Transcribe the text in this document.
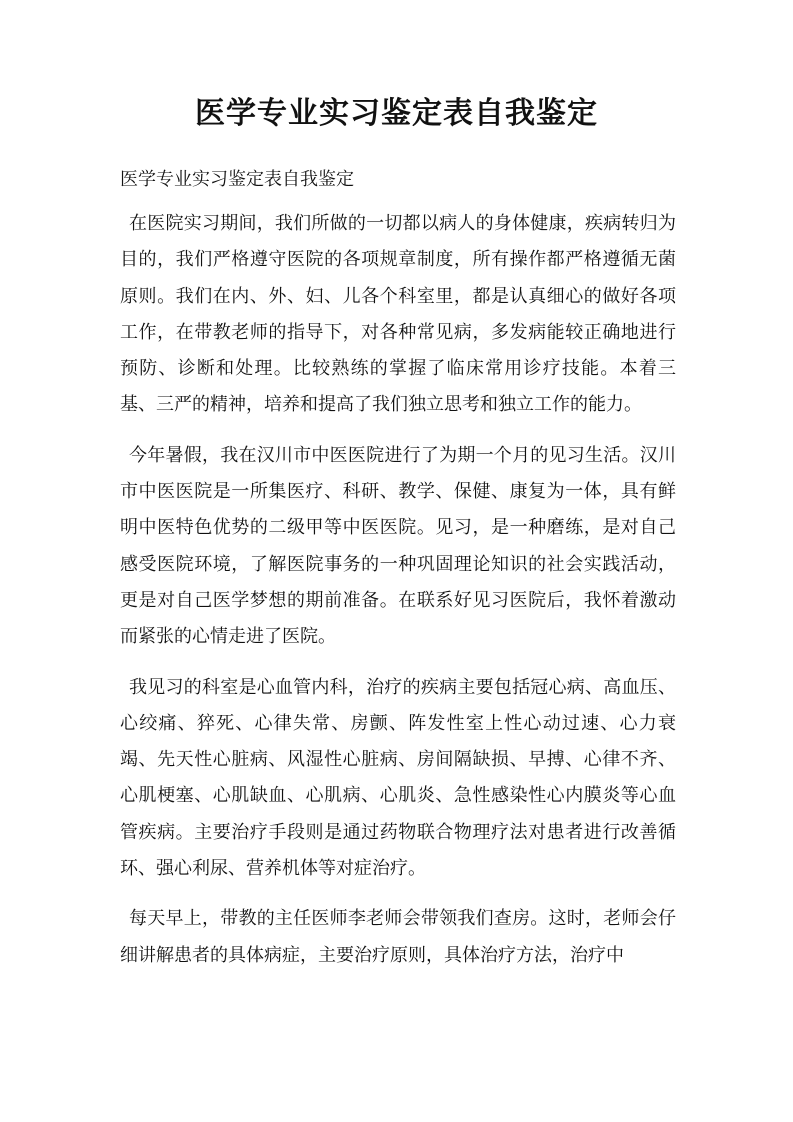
医学专业实习鉴定表自我鉴定

医学专业实习鉴定表自我鉴定

在医院实习期间，我们所做的一切都以病人的身体健康，疾病转归为目的，我们严格遵守医院的各项规章制度，所有操作都严格遵循无菌原则。我们在内、外、妇、儿各个科室里，都是认真细心的做好各项工作，在带教老师的指导下，对各种常见病，多发病能较正确地进行预防、诊断和处理。比较熟练的掌握了临床常用诊疗技能。本着三基、三严的精神，培养和提高了我们独立思考和独立工作的能力。

今年暑假，我在汉川市中医医院进行了为期一个月的见习生活。汉川市中医医院是一所集医疗、科研、教学、保健、康复为一体，具有鲜明中医特色优势的二级甲等中医医院。见习，是一种磨练，是对自己感受医院环境，了解医院事务的一种巩固理论知识的社会实践活动，更是对自己医学梦想的期前准备。在联系好见习医院后，我怀着激动而紧张的心情走进了医院。

我见习的科室是心血管内科，治疗的疾病主要包括冠心病、高血压、心绞痛、猝死、心律失常、房颤、阵发性室上性心动过速、心力衰竭、先天性心脏病、风湿性心脏病、房间隔缺损、早搏、心律不齐、心肌梗塞、心肌缺血、心肌病、心肌炎、急性感染性心内膜炎等心血管疾病。主要治疗手段则是通过药物联合物理疗法对患者进行改善循环、强心利尿、营养机体等对症治疗。

每天早上，带教的主任医师李老师会带领我们查房。这时，老师会仔细讲解患者的具体病症，主要治疗原则，具体治疗方法，治疗中
